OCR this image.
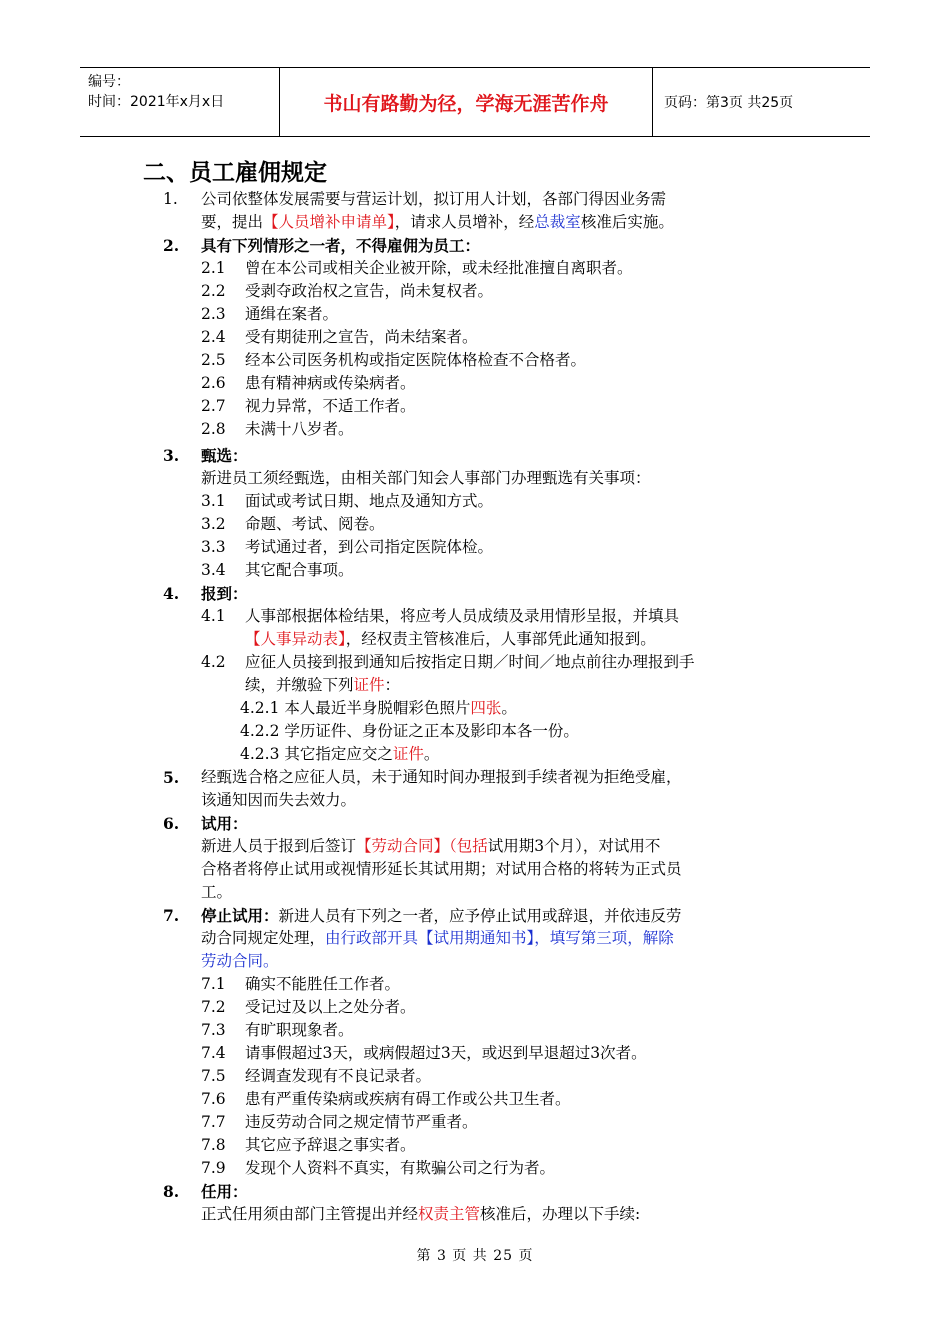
编号：
时间：2021年x月x日	书山有路勤为径，学海无涯苦作舟	页码：第3页 共25页
二、员工雇佣规定
1. 公司依整体发展需要与营运计划，拟订用人计划，各部门得因业务需
要，提出【人员增补申请单】，请求人员增补，经总裁室核准后实施。
2. 具有下列情形之一者，不得雇佣为员工：
2.1 曾在本公司或相关企业被开除，或未经批准擅自离职者。
2.2 受剥夺政治权之宣告，尚未复权者。
2.3 通缉在案者。
2.4 受有期徒刑之宣告，尚未结案者。
2.5 经本公司医务机构或指定医院体格检查不合格者。
2.6 患有精神病或传染病者。
2.7 视力异常，不适工作者。
2.8 未满十八岁者。
3. 甄选：
新进员工须经甄选，由相关部门知会人事部门办理甄选有关事项：
3.1 面试或考试日期、地点及通知方式。
3.2 命题、考试、阅卷。
3.3 考试通过者，到公司指定医院体检。
3.4 其它配合事项。
4. 报到：
4.1 人事部根据体检结果，将应考人员成绩及录用情形呈报，并填具
【人事异动表】，经权责主管核准后，人事部凭此通知报到。
4.2 应征人员接到报到通知后按指定日期／时间／地点前往办理报到手
续，并缴验下列证件：
4.2.1 本人最近半身脱帽彩色照片四张。
4.2.2 学历证件、身份证之正本及影印本各一份。
4.2.3 其它指定应交之证件。
5. 经甄选合格之应征人员，未于通知时间办理报到手续者视为拒绝受雇，
该通知因而失去效力。
6. 试用：
新进人员于报到后签订【劳动合同】（包括试用期3个月），对试用不
合格者将停止试用或视情形延长其试用期；对试用合格的将转为正式员
工。
7. 停止试用：新进人员有下列之一者，应予停止试用或辞退，并依违反劳
动合同规定处理，由行政部开具【试用期通知书】，填写第三项，解除
劳动合同。
7.1 确实不能胜任工作者。
7.2 受记过及以上之处分者。
7.3 有旷职现象者。
7.4 请事假超过3天，或病假超过3天，或迟到早退超过3次者。
7.5 经调查发现有不良记录者。
7.6 患有严重传染病或疾病有碍工作或公共卫生者。
7.7 违反劳动合同之规定情节严重者。
7.8 其它应予辞退之事实者。
7.9 发现个人资料不真实，有欺骗公司之行为者。
8. 任用：
正式任用须由部门主管提出并经权责主管核准后，办理以下手续:
第 3 页 共 25 页
